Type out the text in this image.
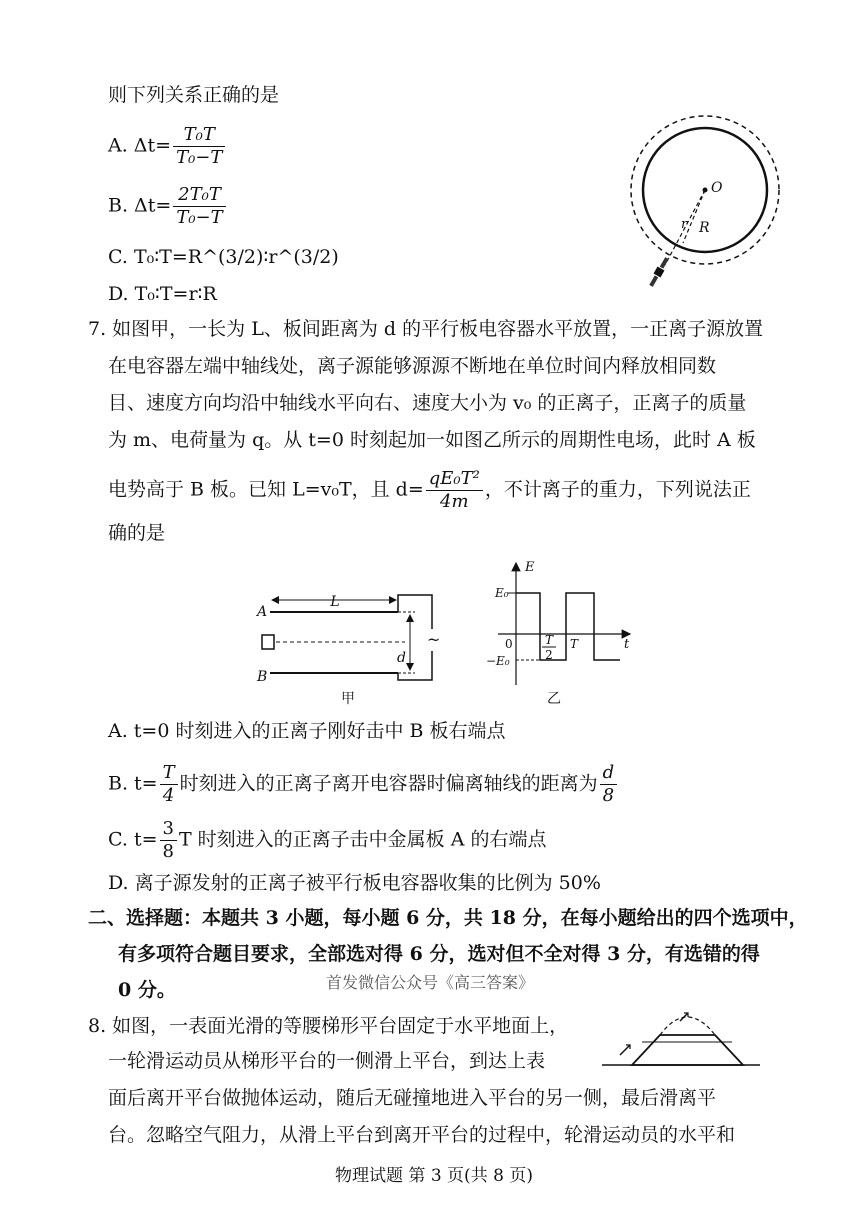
则下列关系正确的是
A. $\Delta t= \frac{\text{T₀T}}{\text{T₀−T}}$
B. $\Delta t= \frac{\text{2T₀T}}{\text{T₀−T}}$
C. T₀∶T=R^(3/2)∶r^(3/2)
D. T₀∶T=r∶R
O
r R
7. 如图甲，一长为 L、板间距离为 d 的平行板电容器水平放置，一正离子源放置
在电容器左端中轴线处，离子源能够源源不断地在单位时间内释放相同数
目、速度方向均沿中轴线水平向右、速度大小为 v₀ 的正离子，正离子的质量
为 m、电荷量为 q。从 t=0 时刻起加一如图乙所示的周期性电场，此时 A 板
电势高于 B 板。已知 L=v₀T，且 $d= \frac{\text{qE₀T²}}{4m}$ ，不计离子的重力，下列说法正
确的是
A
B
L
d
~
甲
E
E₀
−E₀
0	T
2
T	t
乙
A. t=0 时刻进入的正离子刚好击中 B 板右端点
B. $t= \frac{T}{4}$ 时刻进入的正离子离开电容器时偏离轴线的距离为 $\frac{d}{8}$
C. $t= \frac{3}{8}$ T 时刻进入的正离子击中金属板 A 的右端点
D. 离子源发射的正离子被平行板电容器收集的比例为 50%
二、选择题：本题共 3 小题，每小题 6 分，共 18 分，在每小题给出的四个选项中，
有多项符合题目要求，全部选对得 6 分，选对但不全对得 3 分，有选错的得
0 分。	首发微信公众号《高三答案》
8. 如图，一表面光滑的等腰梯形平台固定于水平地面上，
一轮滑运动员从梯形平台的一侧滑上平台，到达上表
面后离开平台做抛体运动，随后无碰撞地进入平台的另一侧，最后滑离平
台。忽略空气阻力，从滑上平台到离开平台的过程中，轮滑运动员的水平和
物理试题 第 3 页(共 8 页)
